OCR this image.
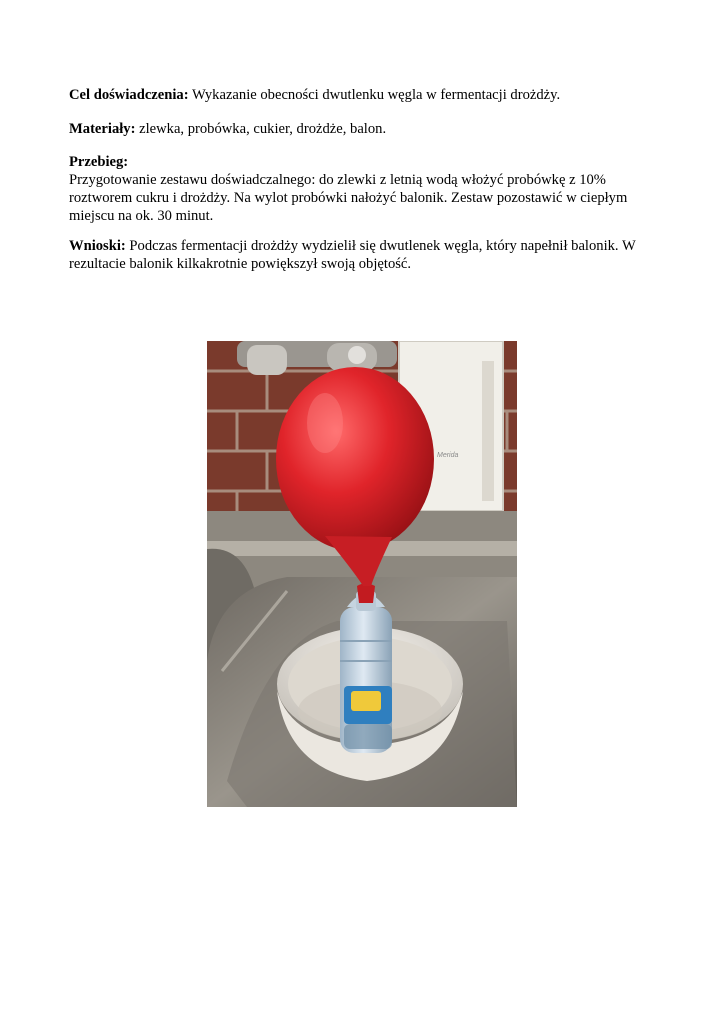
Cel doświadczenia: Wykazanie obecności dwutlenku węgla w fermentacji drożdży.

Materiały: zlewka, probówka, cukier, drożdże, balon.

Przebieg:
Przygotowanie zestawu doświadczalnego: do zlewki z letnią wodą włożyć probówkę z 10%
roztworem cukru i drożdży. Na wylot probówki nałożyć balonik. Zestaw pozostawić w ciepłym
miejscu na ok. 30 minut.
Wnioski: Podczas fermentacji drożdży wydzielił się dwutlenek węgla, który napełnił balonik. W
rezultacie balonik kilkakrotnie powiększył swoją objętość.
Merida
